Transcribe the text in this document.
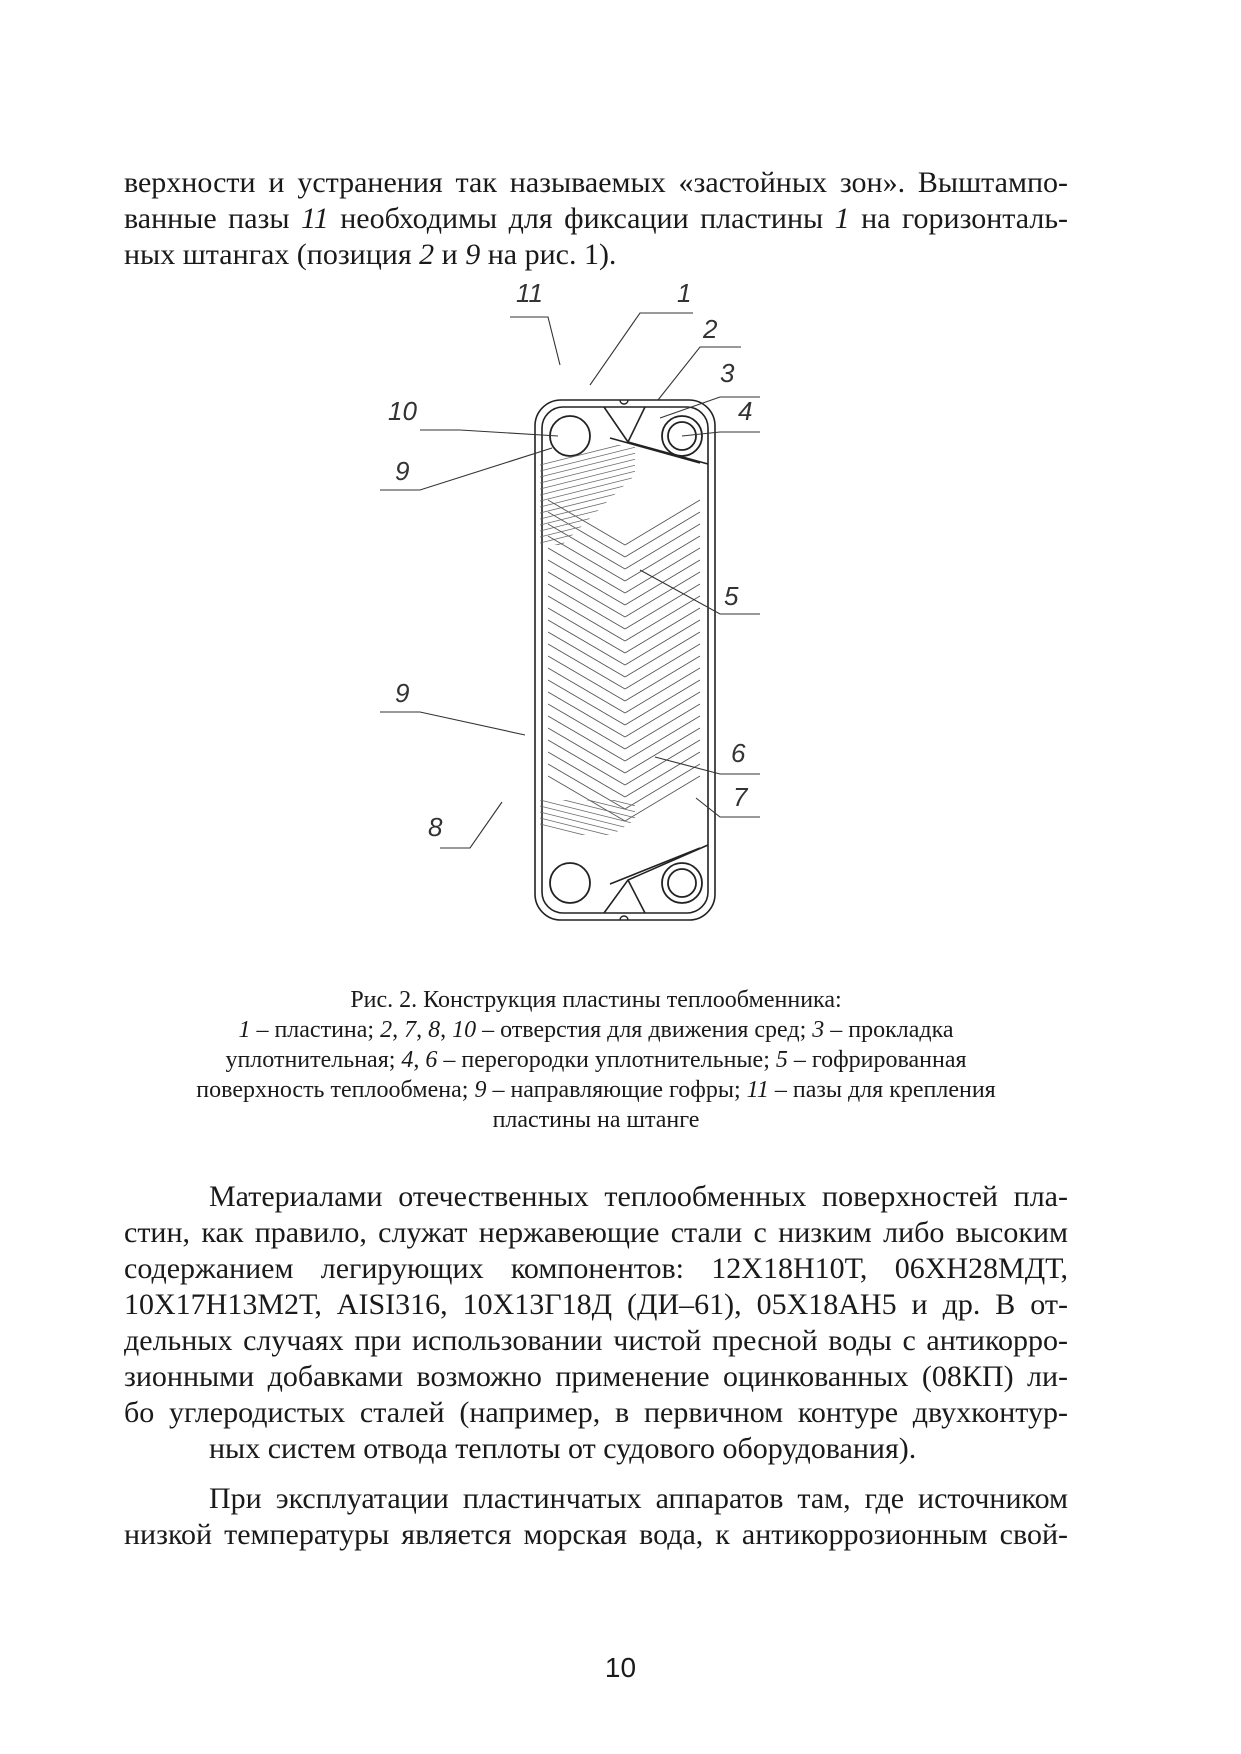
верхности и устранения так называемых «застойных зон». Выштампо- ванные пазы 11 необходимы для фиксации пластины 1 на горизонталь-
ных штангах (позиция 2 и 9 на рис. 1).
11	1
2
3
4
10
9
5
9
6
7
8
Рис. 2. Конструкция пластины теплообменника:
1 – пластина; 2, 7, 8, 10 – отверстия для движения сред; 3 – прокладка
уплотнительная; 4, 6 – перегородки уплотнительные; 5 – гофрированная
поверхность теплообмена; 9 – направляющие гофры; 11 – пазы для крепления
пластины на штанге
Материалами отечественных теплообменных поверхностей пла- стин, как правило, служат нержавеющие стали с низким либо высоким содержанием легирующих компонентов: 12Х18Н10Т, 06ХН28МДТ, 10Х17Н13М2Т, AISI316, 10Х13Г18Д (ДИ–61), 05Х18АН5 и др. В от- дельных случаях при использовании чистой пресной воды с антикорро- зионными добавками возможно применение оцинкованных (08КП) ли- бо углеродистых сталей (например, в первичном контуре двухконтур-
ных систем отвода теплоты от судового оборудования).
При эксплуатации пластинчатых аппаратов там, где источником низкой температуры является морская вода, к антикоррозионным свой-
10
